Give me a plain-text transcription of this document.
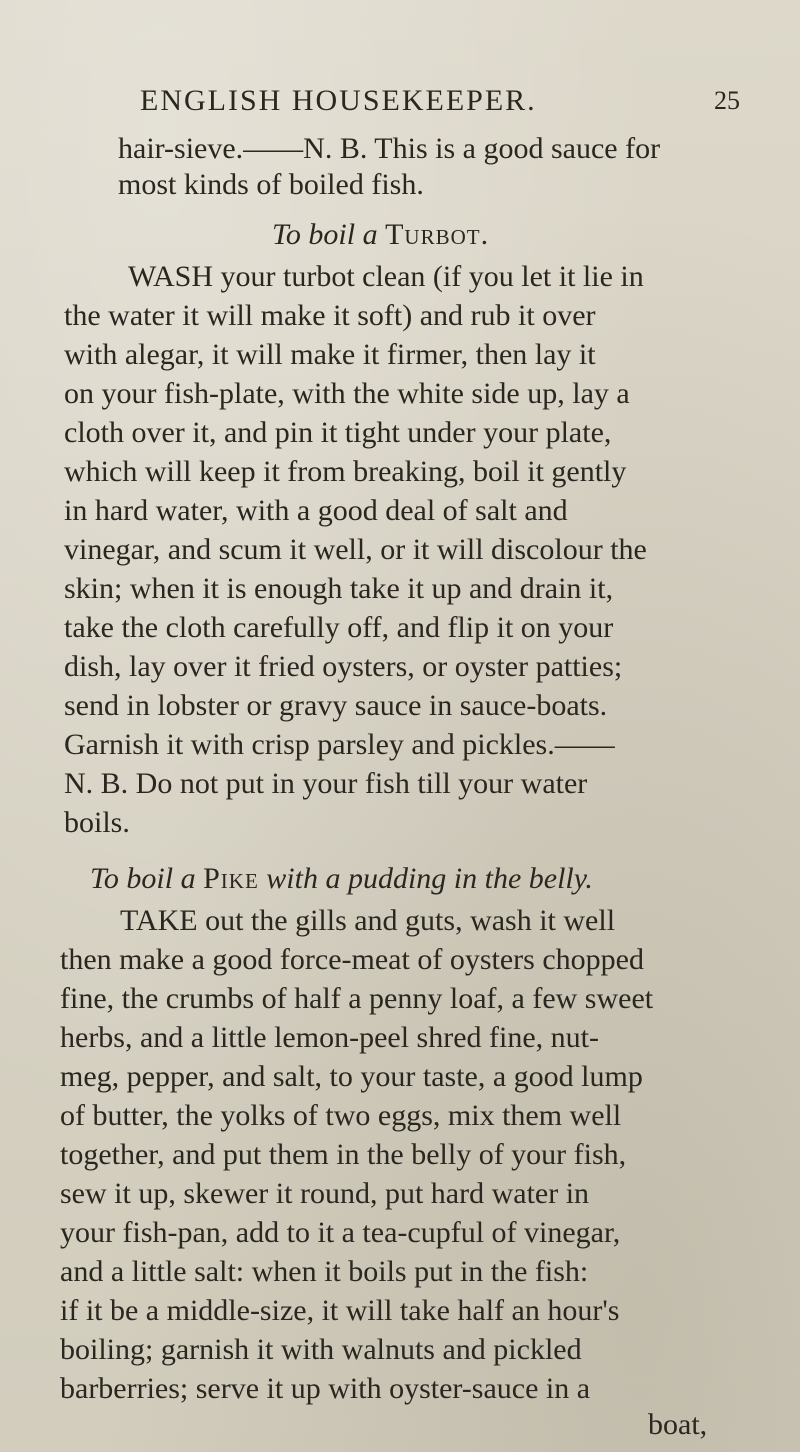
ENGLISH HOUSEKEEPER.	25
hair-sieve.——N. B. This is a good sauce for
most kinds of boiled fish.
To boil a Turbot.
WASH your turbot clean (if you let it lie in
the water it will make it soft) and rub it over
with alegar, it will make it firmer, then lay it
on your fish-plate, with the white side up, lay a
cloth over it, and pin it tight under your plate,
which will keep it from breaking, boil it gently
in hard water, with a good deal of salt and
vinegar, and scum it well, or it will discolour the
skin; when it is enough take it up and drain it,
take the cloth carefully off, and flip it on your
dish, lay over it fried oysters, or oyster patties;
send in lobster or gravy sauce in sauce-boats.
Garnish it with crisp parsley and pickles.——
N. B. Do not put in your fish till your water
boils.
To boil a Pike with a pudding in the belly.
TAKE out the gills and guts, wash it well
then make a good force-meat of oysters chopped
fine, the crumbs of half a penny loaf, a few sweet
herbs, and a little lemon-peel shred fine, nut-
meg, pepper, and salt, to your taste, a good lump
of butter, the yolks of two eggs, mix them well
together, and put them in the belly of your fish,
sew it up, skewer it round, put hard water in
your fish-pan, add to it a tea-cupful of vinegar,
and a little salt: when it boils put in the fish:
if it be a middle-size, it will take half an hour's
boiling; garnish it with walnuts and pickled
barberries; serve it up with oyster-sauce in a
boat,
